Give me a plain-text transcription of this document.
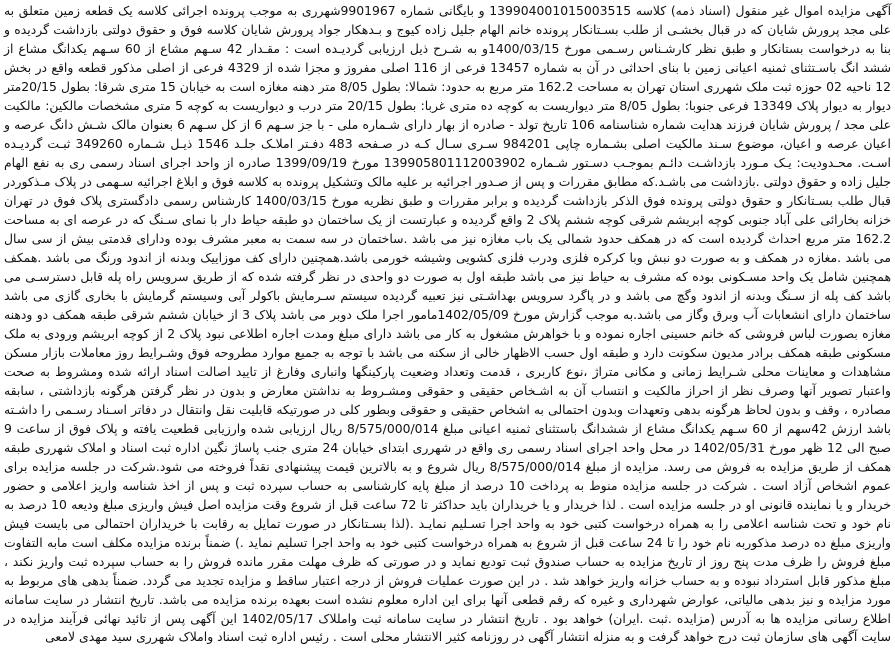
آگهی مزایده اموال غیر منقول (اسناد ذمه) کلاسه 139904001015003515 و بایگانی شماره 9901967شهرری به موجب پرونده اجرائی کلاسه یک قطعه زمین متعلق به علی مجد پرورش شایان که در قبال بخشـی از طلب بسـتانکار پرونده خانم الهام جلیل زاده کیوج و بـدهکار جواد پرورش شایان کلاسه فوق و حقوق دولتی بازداشت گردیده و بنا به درخواست بستانکار و طبق نظر کارشـناس رسـمی مورخ 1400/03/15و به شـرح ذیل ارزیابی گردیـده است : مقـدار 42 سـهم مشاع از 60 سـهم یکدانگ مشاع از ششد انگ باسـتثنای ثمنیه اعیانی زمین با بنای احداثی در آن به شماره 13457 فرعی از 116 اصلی مفروز و مجزا شده از 4329 فرعی از اصلی مذکور قطعه واقع در بخش 12 ناحیه 02 حوزه ثبت ملک شهرری استان تهران به مساحت 162.2 متر مربع به حدود: شمالا: بطول 8/05 متر دهنه مغازه است به خیابان 15 متری شرقا: بطول 20/15متر دیوار به دیوار پلاک 13349 فرعی جنوبا: بطول 8/05 متر دیواریست به کوچه ده متری غربا: بطول 20/15 متر درب و دیواریست به کوچه 5 متری مشخصات مالکین: مالکیت علی مجد / پرورش شایان فرزند هدایت شماره شناسنامه 106 تاریخ تولد - صادره از بهار دارای شـماره ملی - با جز سـهم 6 از کل سـهم 6 بعنوان مالک شـش دانگ عرصه و اعیان عرصه و اعیان، موضوع سـند مالکیت اصلی بشـماره چاپی 984201 سـری سـال کـه در صـفحه 483 دفـتر املاـک جلـد 1546 ذیـل شـماره 349260 ثبـت گردیـده اسـت. محـدودیت: یـک مـورد بازداشـت دائـم بموجـب دسـتور شـماره 139905801112003902 مورخ 1399/09/19 صادره از واحد اجرای اسناد رسمی ری به نفع الهام جلیل زاده و حقوق دولتی .بازداشت می باشـد.که مطابق مقررات و پس از صـدور اجرائیه بر علیه مالک وتشکیل پرونده به کلاسه فوق و ابلاغ اجرائیه سـهمی در پلاک مـذکوردر قبال طلب بسـتانکار و حقوق دولتی پرونده فوق الذکر بازداشت گردیده و برابر مقررات و طبق نظریه مورخ 1400/03/15 کارشناس رسمی دادگستری پلاک فوق در تهران خزانه بخارائی علی آباد جنوبی کوچه ابریشم شرقی کوچه ششم پلاک 2 واقع گردیده و عبارتست از یک ساختمان دو طبقه حیاط دار با نمای سـنگ که در عرصه ای به مساحت 162.2 متر مربع احداث گردیده است که در همکف حدود شمالی یک باب مغازه نیز می باشد .ساختمان در سه سمت به معبر مشرف بوده ودارای قدمتی بیش از سی سال می باشد .مغازه در همکف و به صورت دو نبش وبا کرکره فلزی ودرب فلزی کشویی وشیشه خورمی باشد.همچنین دارای کف موزاییک وبدنه از اندود ورنگ می باشد .همکف همچنین شامل یک واحد مسـکونی بوده که مشرف به حیاط نیز می باشد طبقه اول به صورت دو واحدی در نظر گرفته شده که از طریق سرویس راه پله قابل دسترسـی می باشد کف پله از سـنگ وبدنه از اندود وگچ می باشد و در پاگرد سرویس بهداشـتی نیز تعبیه گردیده سیستم سـرمایش باکولر آبی وسیستم گرمایش با بخاری گازی می باشد ساختمان دارای انشعابات آب وبرق وگاز می باشد.به موجب گزارش مورخ 1402/05/09مامور اجرا ملک دوبر می باشد پلاک 3 از خیابان ششم شرقی طبقه همکف دو ودهنه مغازه بصورت لباس فروشی که خانم حسینی اجاره نموده و با خواهرش مشغول به کار می باشد دارای مبلغ ومدت اجاره اطلاعی نبود پلاک 2 از کوچه ابریشم ورودی به ملک مسکونی طبقه همکف برادر مدیون سکونت دارد و طبقه اول حسب الاظهار خالی از سکنه می باشد با توجه به جمیع موارد مطروحه فوق وشـرایط روز معاملات بازار مسکن مشاهدات و معاینات محلی شـرایط زمانی و مکانی متراژ ،نوع کاربری ، قدمت وتعداد وضعیت پارکینگها وانباری وفارغ از تایید اصالت اسناد ارائه شده ومشروط به صحت واعتبار تصویر آنها وصرف نظر از احراز مالکیت و انتساب آن به اشـخاص حقیقی و حقوقی ومشـروط به نداشتن معارض و بدون در نظر گرفتن هرگونه بازداشتی ، سابقه مصادره ، وقف و بدون لحاظ هرگونه بدهی وتعهدات وبدون احتمالی به اشخاص حقیقی و حقوقی وبطور کلی در صورتیکه قابلیت نقل وانتقال در دفاتر اسـناد رسـمی را داشـته باشد ارزش 42سهم از 60 سـهم یکدانگ مشاع از ششدانگ باستثنای ثمنیه اعیانی مبلغ 8/575/000/014 ریال ارزیابی شده وارزیابی قطعیت یافته و پلاک فوق از ساعت 9 صبح الی 12 ظهر مورخ 1402/05/31 در محل واحد اجرای اسناد رسمی ری واقع در شهرری ابتدای خیابان 24 متری جنب پاساژ نگین اداره ثبت اسناد و املاک شهرری طبقه همکف از طریق مزایده به فروش می رسد. مزایده از مبلغ 8/575/000/014 ریال شروع و به بالاترین قیمت پیشنهادی نقداً فروخته می شود.شرکت در جلسه مزایده برای عموم اشخاص آزاد است . شرکت در جلسه مزایده منوط به پرداخت 10 درصد از مبلغ پایه کارشناسی به حساب سپرده ثبت و پس از اخذ شناسه واریز اعلامی و حضور خریدار و یا نماینده قانونی او در جلسه مزایده است . لذا خریدار و یا خریداران باید حداکثر تا 72 ساعت قبل از شروع وقت مزایده اصل فیش واریزی مبلغ ودیعه 10 درصد به نام خود و تحت شناسه اعلامی را به همراه درخواست کتبی خود به واحد اجرا تسـلیم نمایـد .(لذا بسـتانکار در صورت تمایل به رقابت با خریداران احتمالی می بایست فیش واریزی مبلغ ده درصد مذکوربه نام خود را تا 24 ساعت قبل از شروع به همراه درخواست کتبی خود به واحد اجرا تسلیم نماید .) ضمناً برنده مزایده مکلف است مابه التفاوت مبلغ فروش را ظرف مدت پنج روز از تاریخ مزایده به حساب صندوق ثبت تودیع نماید و در صورتی که ظرف مهلت مقرر مانده فروش را به حساب سپرده ثبت واریز نکند ، مبلغ مذکور قابل استرداد نبوده و به حساب خزانه واریز خواهد شد . در این صورت عملیات فروش از درجه اعتبار ساقط و مزایده تجدید می گردد. ضمناً بدهی های مربوط به مورد مزایده و نیز بدهی مالیاتی، عوارض شهرداری و غیره که رقم قطعی آنها برای این اداره معلوم نشده است بعهده برنده مزایده می باشد. تاریخ انتشار در سایت سامانه اطلاع رسانی مزایده ها به آدرس (مزایده .ثبت .ایران) خواهد بود . تاریخ انتشار در سایت سامانه ثبت وامللاک 1402/05/17 این آگهی پس از تائید نهائی فرآیند مزایده در سایت آگهی های سازمان ثبت درج خواهد گرفت و به منزله انتشار آگهی در روزنامه کثیر الانتشار محلی است . رئیس اداره ثبت اسناد واملاک شهرری سید مهدی لامعی
